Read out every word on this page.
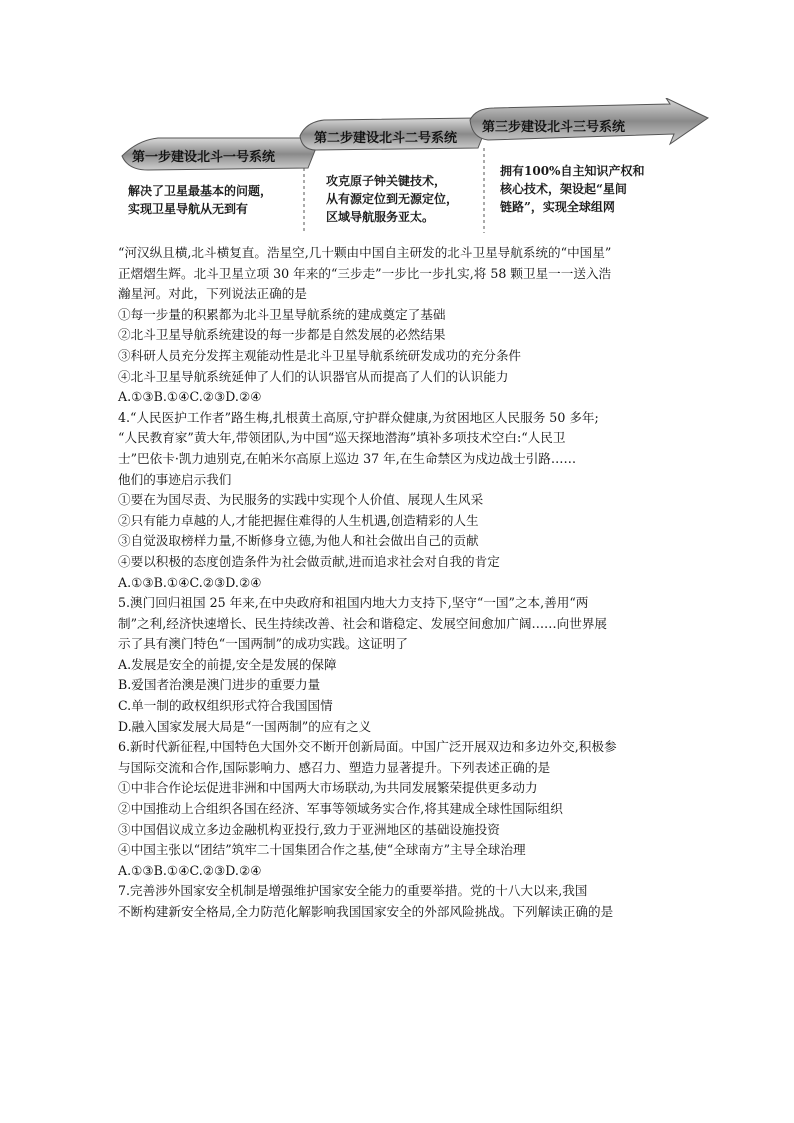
第一步建设北斗一号系统
第二步建设北斗二号系统
第三步建设北斗三号系统
解决了卫星最基本的问题，
实现卫星导航从无到有
攻克原子钟关键技术，
从有源定位到无源定位，
区域导航服务亚太。
拥有100%自主知识产权和
核心技术，架设起“星间
链路”，实现全球组网

“河汉纵且横,北斗横复直。浩星空,几十颗由中国自主研发的北斗卫星导航系统的“中国星”

正熠熠生辉。北斗卫星立项 30 年来的“三步走”一步比一步扎实,将 58 颗卫星一一送入浩

瀚星河。对此，下列说法正确的是

①每一步量的积累都为北斗卫星导航系统的建成奠定了基础

②北斗卫星导航系统建设的每一步都是自然发展的必然结果

③科研人员充分发挥主观能动性是北斗卫星导航系统研发成功的充分条件

④北斗卫星导航系统延伸了人们的认识器官从而提高了人们的认识能力

A.①③B.①④C.②③D.②④

4.“人民医护工作者”路生梅,扎根黄土高原,守护群众健康,为贫困地区人民服务 50 多年;

“人民教育家”黄大年,带领团队,为中国“巡天探地潜海”填补多项技术空白:“人民卫

士”巴依卡·凯力迪别克,在帕米尔高原上巡边 37 年,在生命禁区为戍边战士引路……

他们的事迹启示我们

①要在为国尽责、为民服务的实践中实现个人价值、展现人生风采

②只有能力卓越的人,才能把握住难得的人生机遇,创造精彩的人生

③自觉汲取榜样力量,不断修身立德,为他人和社会做出自己的贡献

④要以积极的态度创造条件为社会做贡献,进而追求社会对自我的肯定

A.①③B.①④C.②③D.②④

5.澳门回归祖国 25 年来,在中央政府和祖国内地大力支持下,坚守“一国”之本,善用“两

制”之利,经济快速增长、民生持续改善、社会和谐稳定、发展空间愈加广阔……向世界展

示了具有澳门特色“一国两制”的成功实践。这证明了

A.发展是安全的前提,安全是发展的保障

B.爱国者治澳是澳门进步的重要力量

C.单一制的政权组织形式符合我国国情

D.融入国家发展大局是“一国两制”的应有之义

6.新时代新征程,中国特色大国外交不断开创新局面。中国广泛开展双边和多边外交,积极参

与国际交流和合作,国际影响力、感召力、塑造力显著提升。下列表述正确的是

①中非合作论坛促进非洲和中国两大市场联动,为共同发展繁荣提供更多动力

②中国推动上合组织各国在经济、军事等领域务实合作,将其建成全球性国际组织

③中国倡议成立多边金融机构亚投行,致力于亚洲地区的基础设施投资

④中国主张以“团结”筑牢二十国集团合作之基,使“全球南方”主导全球治理

A.①③B.①④C.②③D.②④

7.完善涉外国家安全机制是增强维护国家安全能力的重要举措。党的十八大以来,我国

不断构建新安全格局,全力防范化解影响我国国家安全的外部风险挑战。下列解读正确的是
